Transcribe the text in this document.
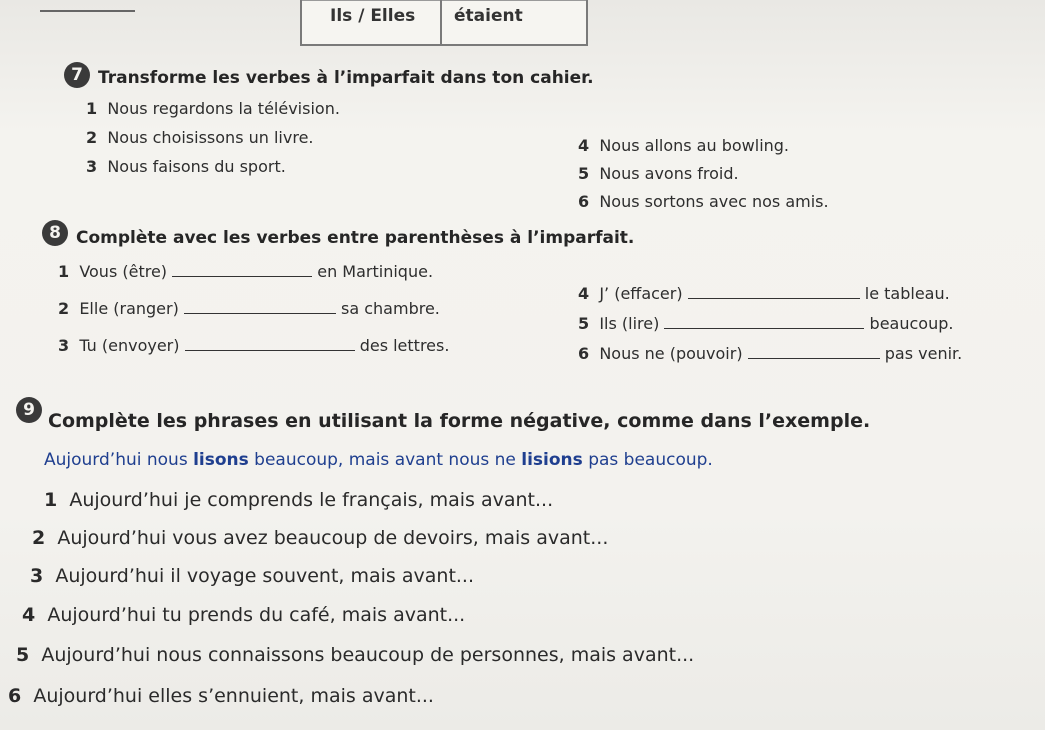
Ils / Elles étaient
7 Transforme les verbes à l’imparfait dans ton cahier.
1 Nous regardons la télévision.
2 Nous choisissons un livre.
3 Nous faisons du sport.
4 Nous allons au bowling.
5 Nous avons froid.
6 Nous sortons avec nos amis.
8 Complète avec les verbes entre parenthèses à l’imparfait.
1 Vous (être)	en Martinique.
2 Elle (ranger)	sa chambre.
3 Tu (envoyer)	des lettres.
4 J’ (effacer)	le tableau.
5 Ils (lire)	beaucoup.
6 Nous ne (pouvoir)	pas venir.
9 Complète les phrases en utilisant la forme négative, comme dans l’exemple.
Aujourd’hui nous lisons beaucoup, mais avant nous ne lisions pas beaucoup.
1 Aujourd’hui je comprends le français, mais avant...
2 Aujourd’hui vous avez beaucoup de devoirs, mais avant...
3 Aujourd’hui il voyage souvent, mais avant...
4 Aujourd’hui tu prends du café, mais avant...
5 Aujourd’hui nous connaissons beaucoup de personnes, mais avant...
6 Aujourd’hui elles s’ennuient, mais avant...
